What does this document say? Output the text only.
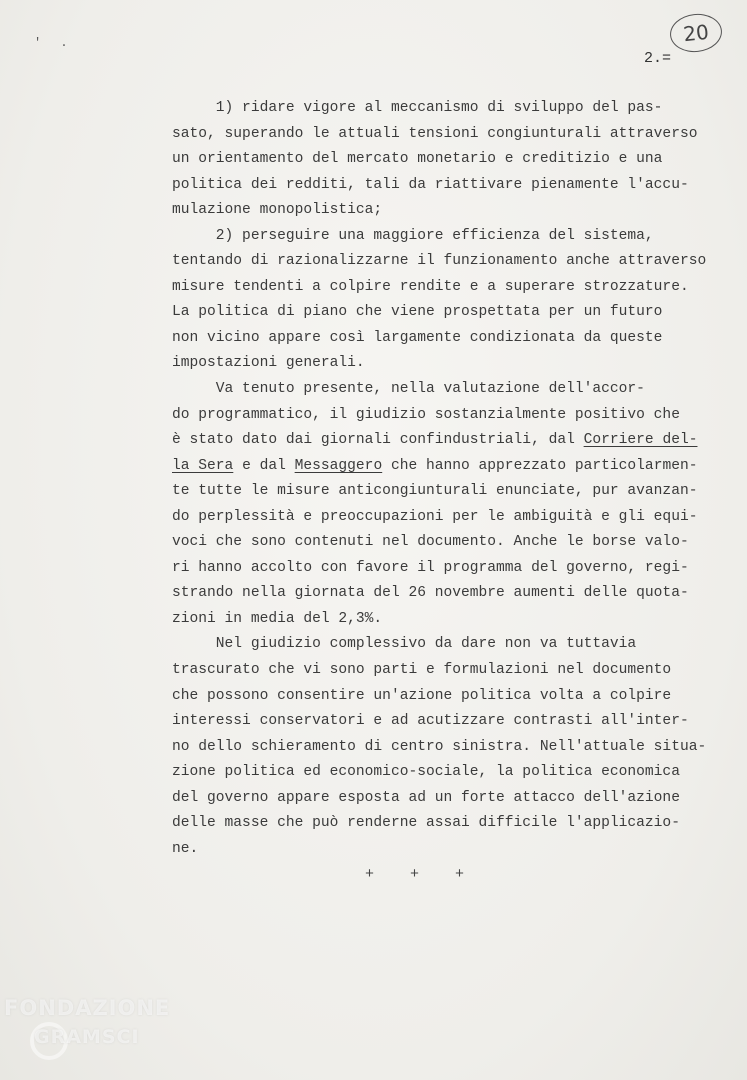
' .	20
2.=
1) ridare vigore al meccanismo di sviluppo del pas-
sato, superando le attuali tensioni congiunturali attraverso
un orientamento del mercato monetario e creditizio e una
politica dei redditi, tali da riattivare pienamente l'accu-
mulazione monopolistica;
2) perseguire una maggiore efficienza del sistema,
tentando di razionalizzarne il funzionamento anche attraverso
misure tendenti a colpire rendite e a superare strozzature.
La politica di piano che viene prospettata per un futuro
non vicino appare così largamente condizionata da queste
impostazioni generali.
Va tenuto presente, nella valutazione dell'accor-
do programmatico, il giudizio sostanzialmente positivo che
è stato dato dai giornali confindustriali, dal Corriere del-
la Sera e dal Messaggero che hanno apprezzato particolarmen-
te tutte le misure anticongiunturali enunciate, pur avanzan-
do perplessità e preoccupazioni per le ambiguità e gli equi-
voci che sono contenuti nel documento. Anche le borse valo-
ri hanno accolto con favore il programma del governo, regi-
strando nella giornata del 26 novembre aumenti delle quota-
zioni in media del 2,3%.
Nel giudizio complessivo da dare non va tuttavia
trascurato che vi sono parti e formulazioni nel documento
che possono consentire un'azione politica volta a colpire
interessi conservatori e ad acutizzare contrasti all'inter-
no dello schieramento di centro sinistra. Nell'attuale situa-
zione politica ed economico-sociale, la politica economica
del governo appare esposta ad un forte attacco dell'azione
delle masse che può renderne assai difficile l'applicazio-
ne.
+    +    +
FONDAZIONE
GRAMSCI
